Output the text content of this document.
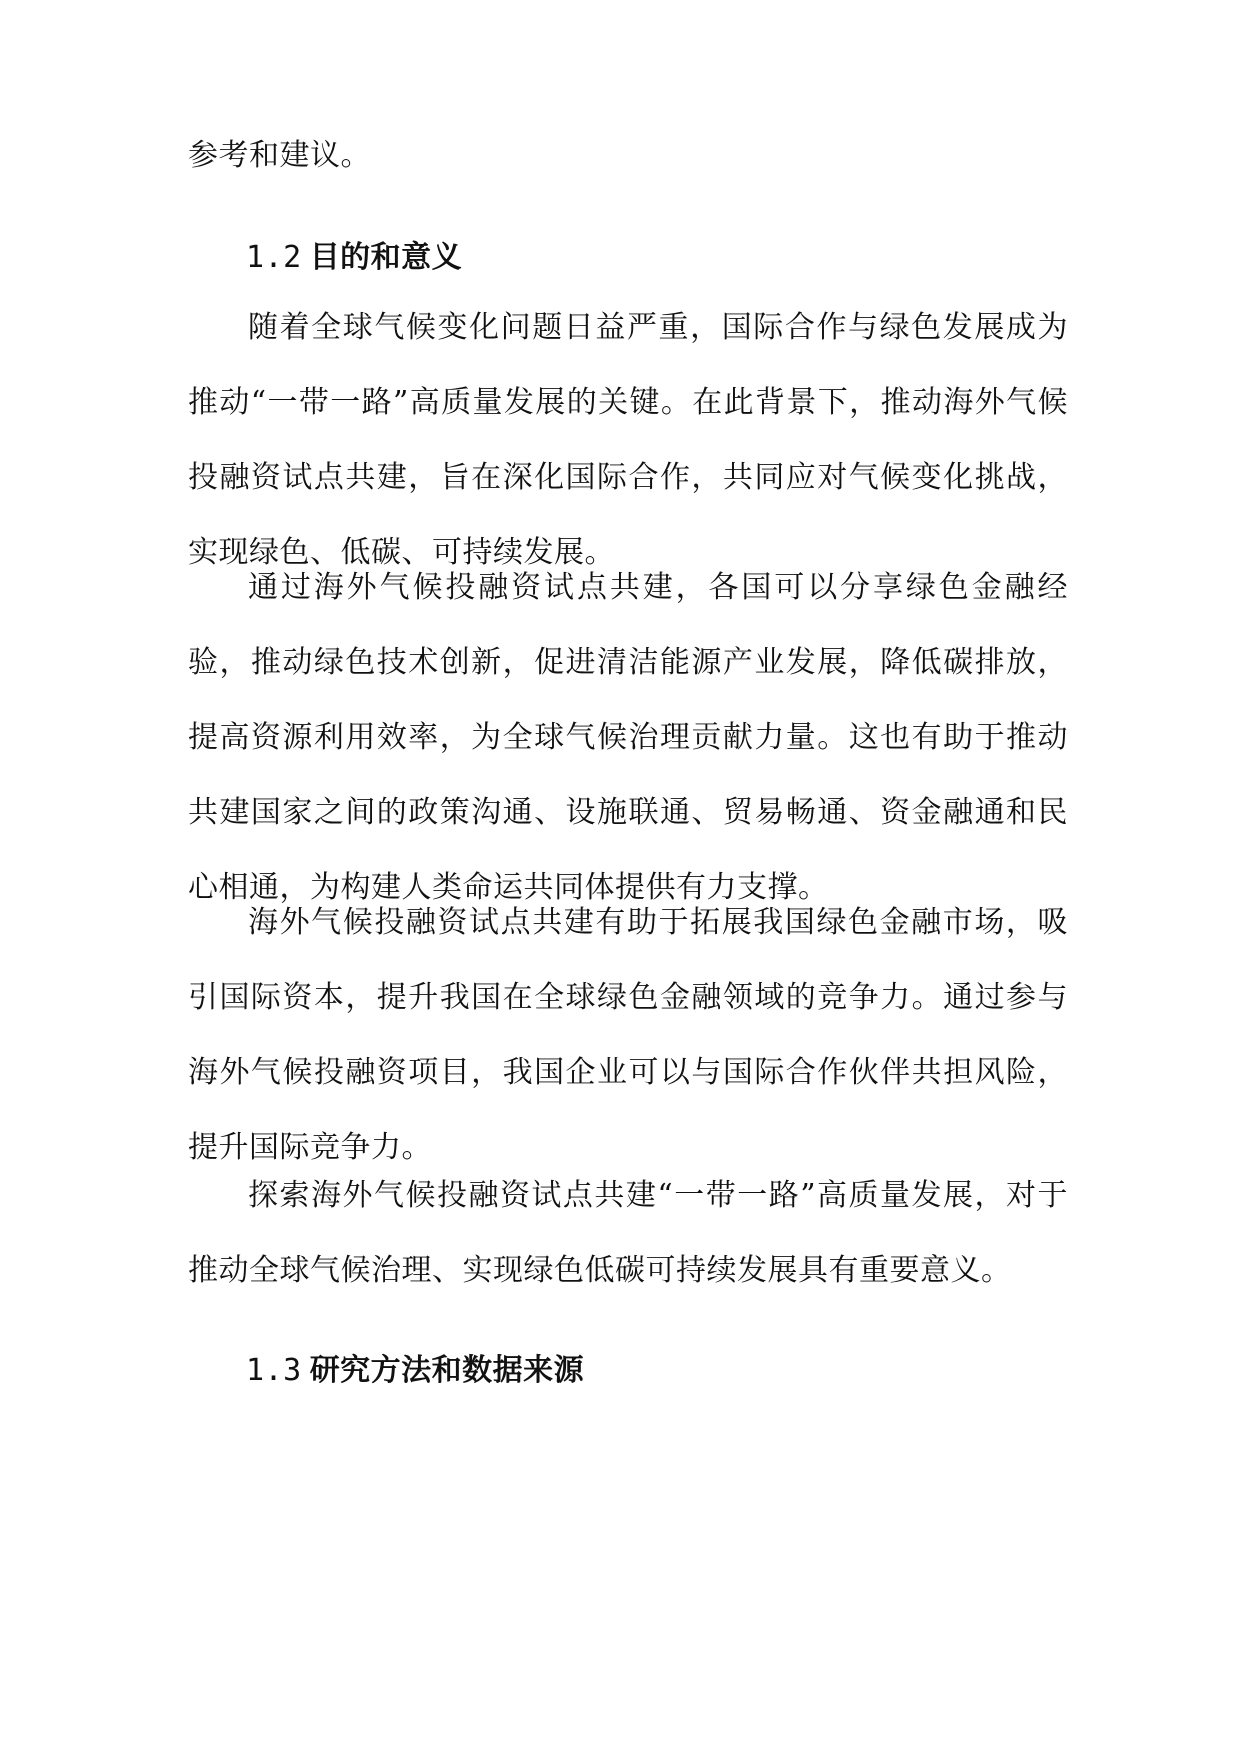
参考和建议。
1.2 目的和意义
随着全球气候变化问题日益严重，国际合作与绿色发展成为推动“一带一路”高质量发展的关键。在此背景下，推动海外气候投融资试点共建，旨在深化国际合作，共同应对气候变化挑战，实现绿色、低碳、可持续发展。
通过海外气候投融资试点共建，各国可以分享绿色金融经验，推动绿色技术创新，促进清洁能源产业发展，降低碳排放，提高资源利用效率，为全球气候治理贡献力量。这也有助于推动共建国家之间的政策沟通、设施联通、贸易畅通、资金融通和民心相通，为构建人类命运共同体提供有力支撑。
海外气候投融资试点共建有助于拓展我国绿色金融市场，吸引国际资本，提升我国在全球绿色金融领域的竞争力。通过参与海外气候投融资项目，我国企业可以与国际合作伙伴共担风险，提升国际竞争力。
探索海外气候投融资试点共建“一带一路”高质量发展，对于推动全球气候治理、实现绿色低碳可持续发展具有重要意义。
1.3 研究方法和数据来源
